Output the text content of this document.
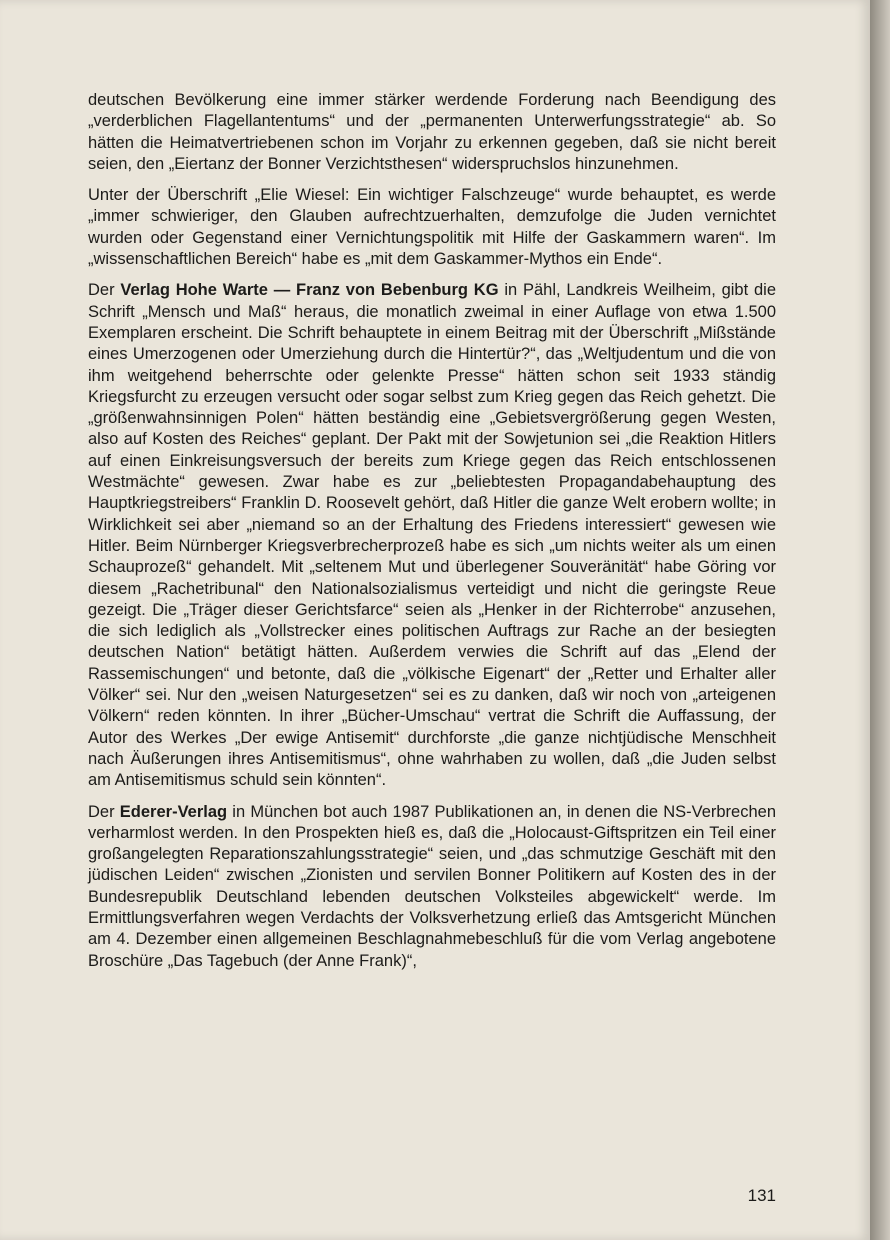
deutschen Bevölkerung eine immer stärker werdende Forderung nach Beendigung des „verderblichen Flagellantentums“ und der „permanenten Unterwerfungsstrategie“ ab. So hätten die Heimatvertriebenen schon im Vorjahr zu erkennen gegeben, daß sie nicht bereit seien, den „Eiertanz der Bonner Verzichtsthesen“ widerspruchslos hinzunehmen.

Unter der Überschrift „Elie Wiesel: Ein wichtiger Falschzeuge“ wurde behauptet, es werde „immer schwieriger, den Glauben aufrechtzuerhalten, demzufolge die Juden vernichtet wurden oder Gegenstand einer Vernichtungspolitik mit Hilfe der Gaskammern waren“. Im „wissenschaftlichen Bereich“ habe es „mit dem Gaskammer-Mythos ein Ende“.

Der Verlag Hohe Warte — Franz von Bebenburg KG in Pähl, Landkreis Weilheim, gibt die Schrift „Mensch und Maß“ heraus, die monatlich zweimal in einer Auflage von etwa 1.500 Exemplaren erscheint. Die Schrift behauptete in einem Beitrag mit der Überschrift „Mißstände eines Umerzogenen oder Umerziehung durch die Hintertür?“, das „Weltjudentum und die von ihm weitgehend beherrschte oder gelenkte Presse“ hätten schon seit 1933 ständig Kriegsfurcht zu erzeugen versucht oder sogar selbst zum Krieg gegen das Reich gehetzt. Die „größenwahnsinnigen Polen“ hätten beständig eine „Gebietsvergrößerung gegen Westen, also auf Kosten des Reiches“ geplant. Der Pakt mit der Sowjetunion sei „die Reaktion Hitlers auf einen Einkreisungsversuch der bereits zum Kriege gegen das Reich entschlossenen Westmächte“ gewesen. Zwar habe es zur „beliebtesten Propagandabehauptung des Hauptkriegstreibers“ Franklin D. Roosevelt gehört, daß Hitler die ganze Welt erobern wollte; in Wirklichkeit sei aber „niemand so an der Erhaltung des Friedens interessiert“ gewesen wie Hitler. Beim Nürnberger Kriegsverbrecherprozeß habe es sich „um nichts weiter als um einen Schauprozeß“ gehandelt. Mit „seltenem Mut und überlegener Souveränität“ habe Göring vor diesem „Rachetribunal“ den Nationalsozialismus verteidigt und nicht die geringste Reue gezeigt. Die „Träger dieser Gerichtsfarce“ seien als „Henker in der Richterrobe“ anzusehen, die sich lediglich als „Vollstrecker eines politischen Auftrags zur Rache an der besiegten deutschen Nation“ betätigt hätten. Außerdem verwies die Schrift auf das „Elend der Rassemischungen“ und betonte, daß die „völkische Eigenart“ der „Retter und Erhalter aller Völker“ sei. Nur den „weisen Naturgesetzen“ sei es zu danken, daß wir noch von „arteigenen Völkern“ reden könnten. In ihrer „Bücher-Umschau“ vertrat die Schrift die Auffassung, der Autor des Werkes „Der ewige Antisemit“ durchforste „die ganze nichtjüdische Menschheit nach Äußerungen ihres Antisemitismus“, ohne wahrhaben zu wollen, daß „die Juden selbst am Antisemitismus schuld sein könnten“.

Der Ederer-Verlag in München bot auch 1987 Publikationen an, in denen die NS-Verbrechen verharmlost werden. In den Prospekten hieß es, daß die „Holocaust-Giftspritzen ein Teil einer großangelegten Reparationszahlungsstrategie“ seien, und „das schmutzige Geschäft mit den jüdischen Leiden“ zwischen „Zionisten und servilen Bonner Politikern auf Kosten des in der Bundesrepublik Deutschland lebenden deutschen Volksteiles abgewickelt“ werde. Im Ermittlungsverfahren wegen Verdachts der Volksverhetzung erließ das Amtsgericht München am 4. Dezember einen allgemeinen Beschlagnahmebeschluß für die vom Verlag angebotene Broschüre „Das Tagebuch (der Anne Frank)“,

131
